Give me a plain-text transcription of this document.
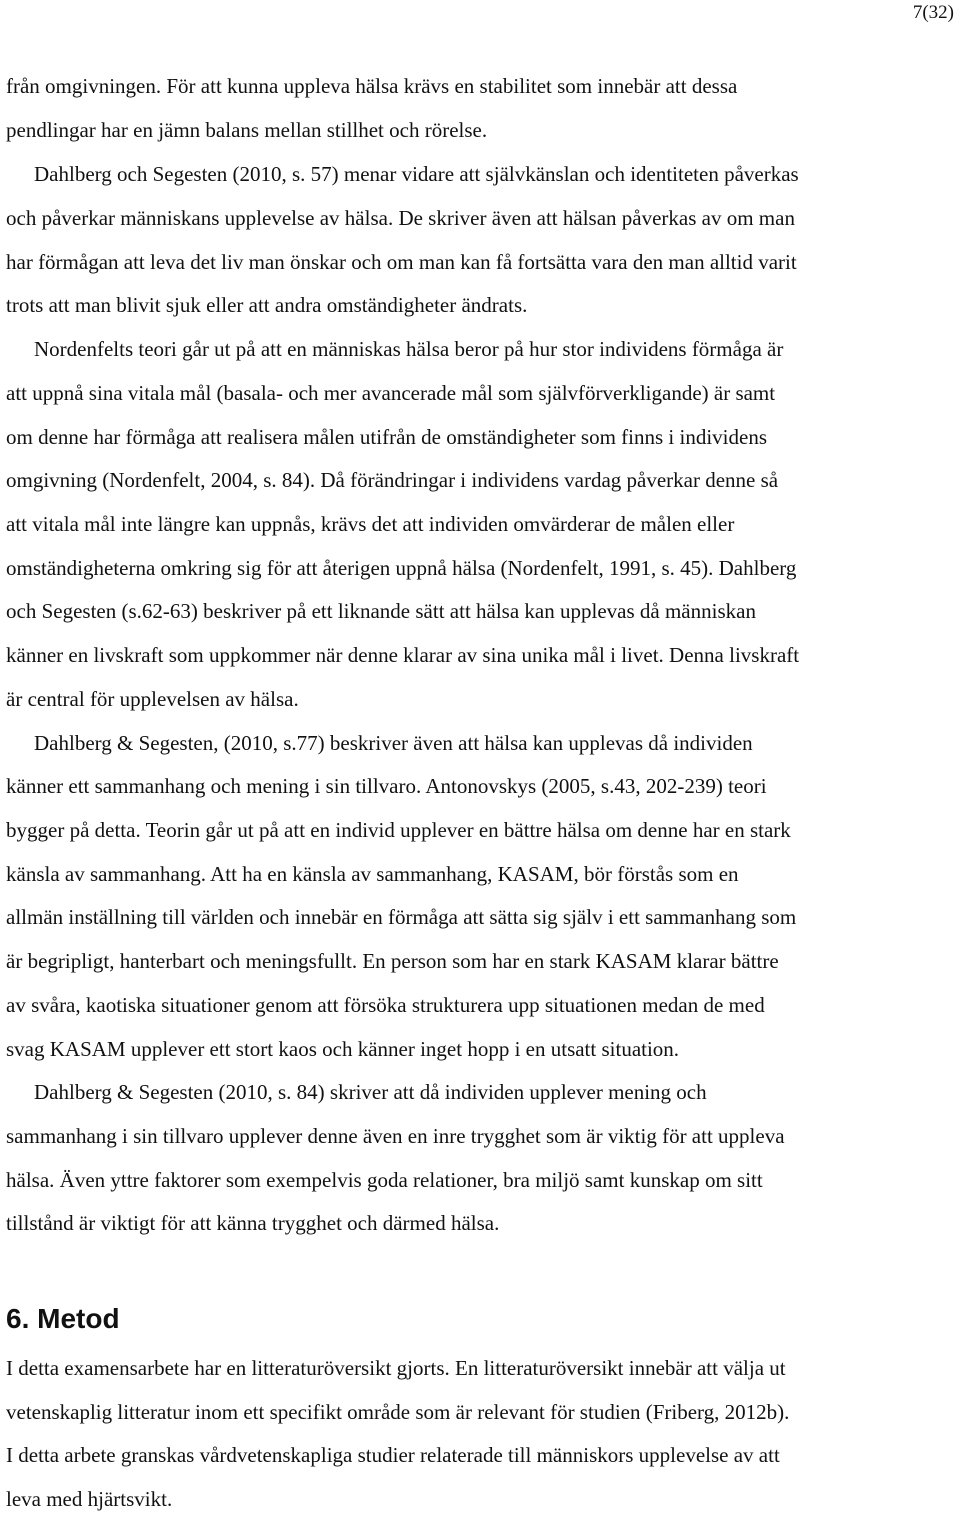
7(32)
från omgivningen. För att kunna uppleva hälsa krävs en stabilitet som innebär att dessa
pendlingar har en jämn balans mellan stillhet och rörelse.
Dahlberg och Segesten (2010, s. 57) menar vidare att självkänslan och identiteten påverkas
och påverkar människans upplevelse av hälsa. De skriver även att hälsan påverkas av om man
har förmågan att leva det liv man önskar och om man kan få fortsätta vara den man alltid varit
trots att man blivit sjuk eller att andra omständigheter ändrats.
Nordenfelts teori går ut på att en människas hälsa beror på hur stor individens förmåga är
att uppnå sina vitala mål (basala- och mer avancerade mål som självförverkligande) är samt
om denne har förmåga att realisera målen utifrån de omständigheter som finns i individens
omgivning (Nordenfelt, 2004, s. 84). Då förändringar i individens vardag påverkar denne så
att vitala mål inte längre kan uppnås, krävs det att individen omvärderar de målen eller
omständigheterna omkring sig för att återigen uppnå hälsa (Nordenfelt, 1991, s. 45). Dahlberg
och Segesten (s.62-63) beskriver på ett liknande sätt att hälsa kan upplevas då människan
känner en livskraft som uppkommer när denne klarar av sina unika mål i livet. Denna livskraft
är central för upplevelsen av hälsa.
Dahlberg & Segesten, (2010, s.77) beskriver även att hälsa kan upplevas då individen
känner ett sammanhang och mening i sin tillvaro. Antonovskys (2005, s.43, 202-239) teori
bygger på detta. Teorin går ut på att en individ upplever en bättre hälsa om denne har en stark
känsla av sammanhang. Att ha en känsla av sammanhang, KASAM, bör förstås som en
allmän inställning till världen och innebär en förmåga att sätta sig själv i ett sammanhang som
är begripligt, hanterbart och meningsfullt. En person som har en stark KASAM klarar bättre
av svåra, kaotiska situationer genom att försöka strukturera upp situationen medan de med
svag KASAM upplever ett stort kaos och känner inget hopp i en utsatt situation.
Dahlberg & Segesten (2010, s. 84) skriver att då individen upplever mening och
sammanhang i sin tillvaro upplever denne även en inre trygghet som är viktig för att uppleva
hälsa. Även yttre faktorer som exempelvis goda relationer, bra miljö samt kunskap om sitt
tillstånd är viktigt för att känna trygghet och därmed hälsa.
6. Metod
I detta examensarbete har en litteraturöversikt gjorts. En litteraturöversikt innebär att välja ut
vetenskaplig litteratur inom ett specifikt område som är relevant för studien (Friberg, 2012b).
I detta arbete granskas vårdvetenskapliga studier relaterade till människors upplevelse av att
leva med hjärtsvikt.
